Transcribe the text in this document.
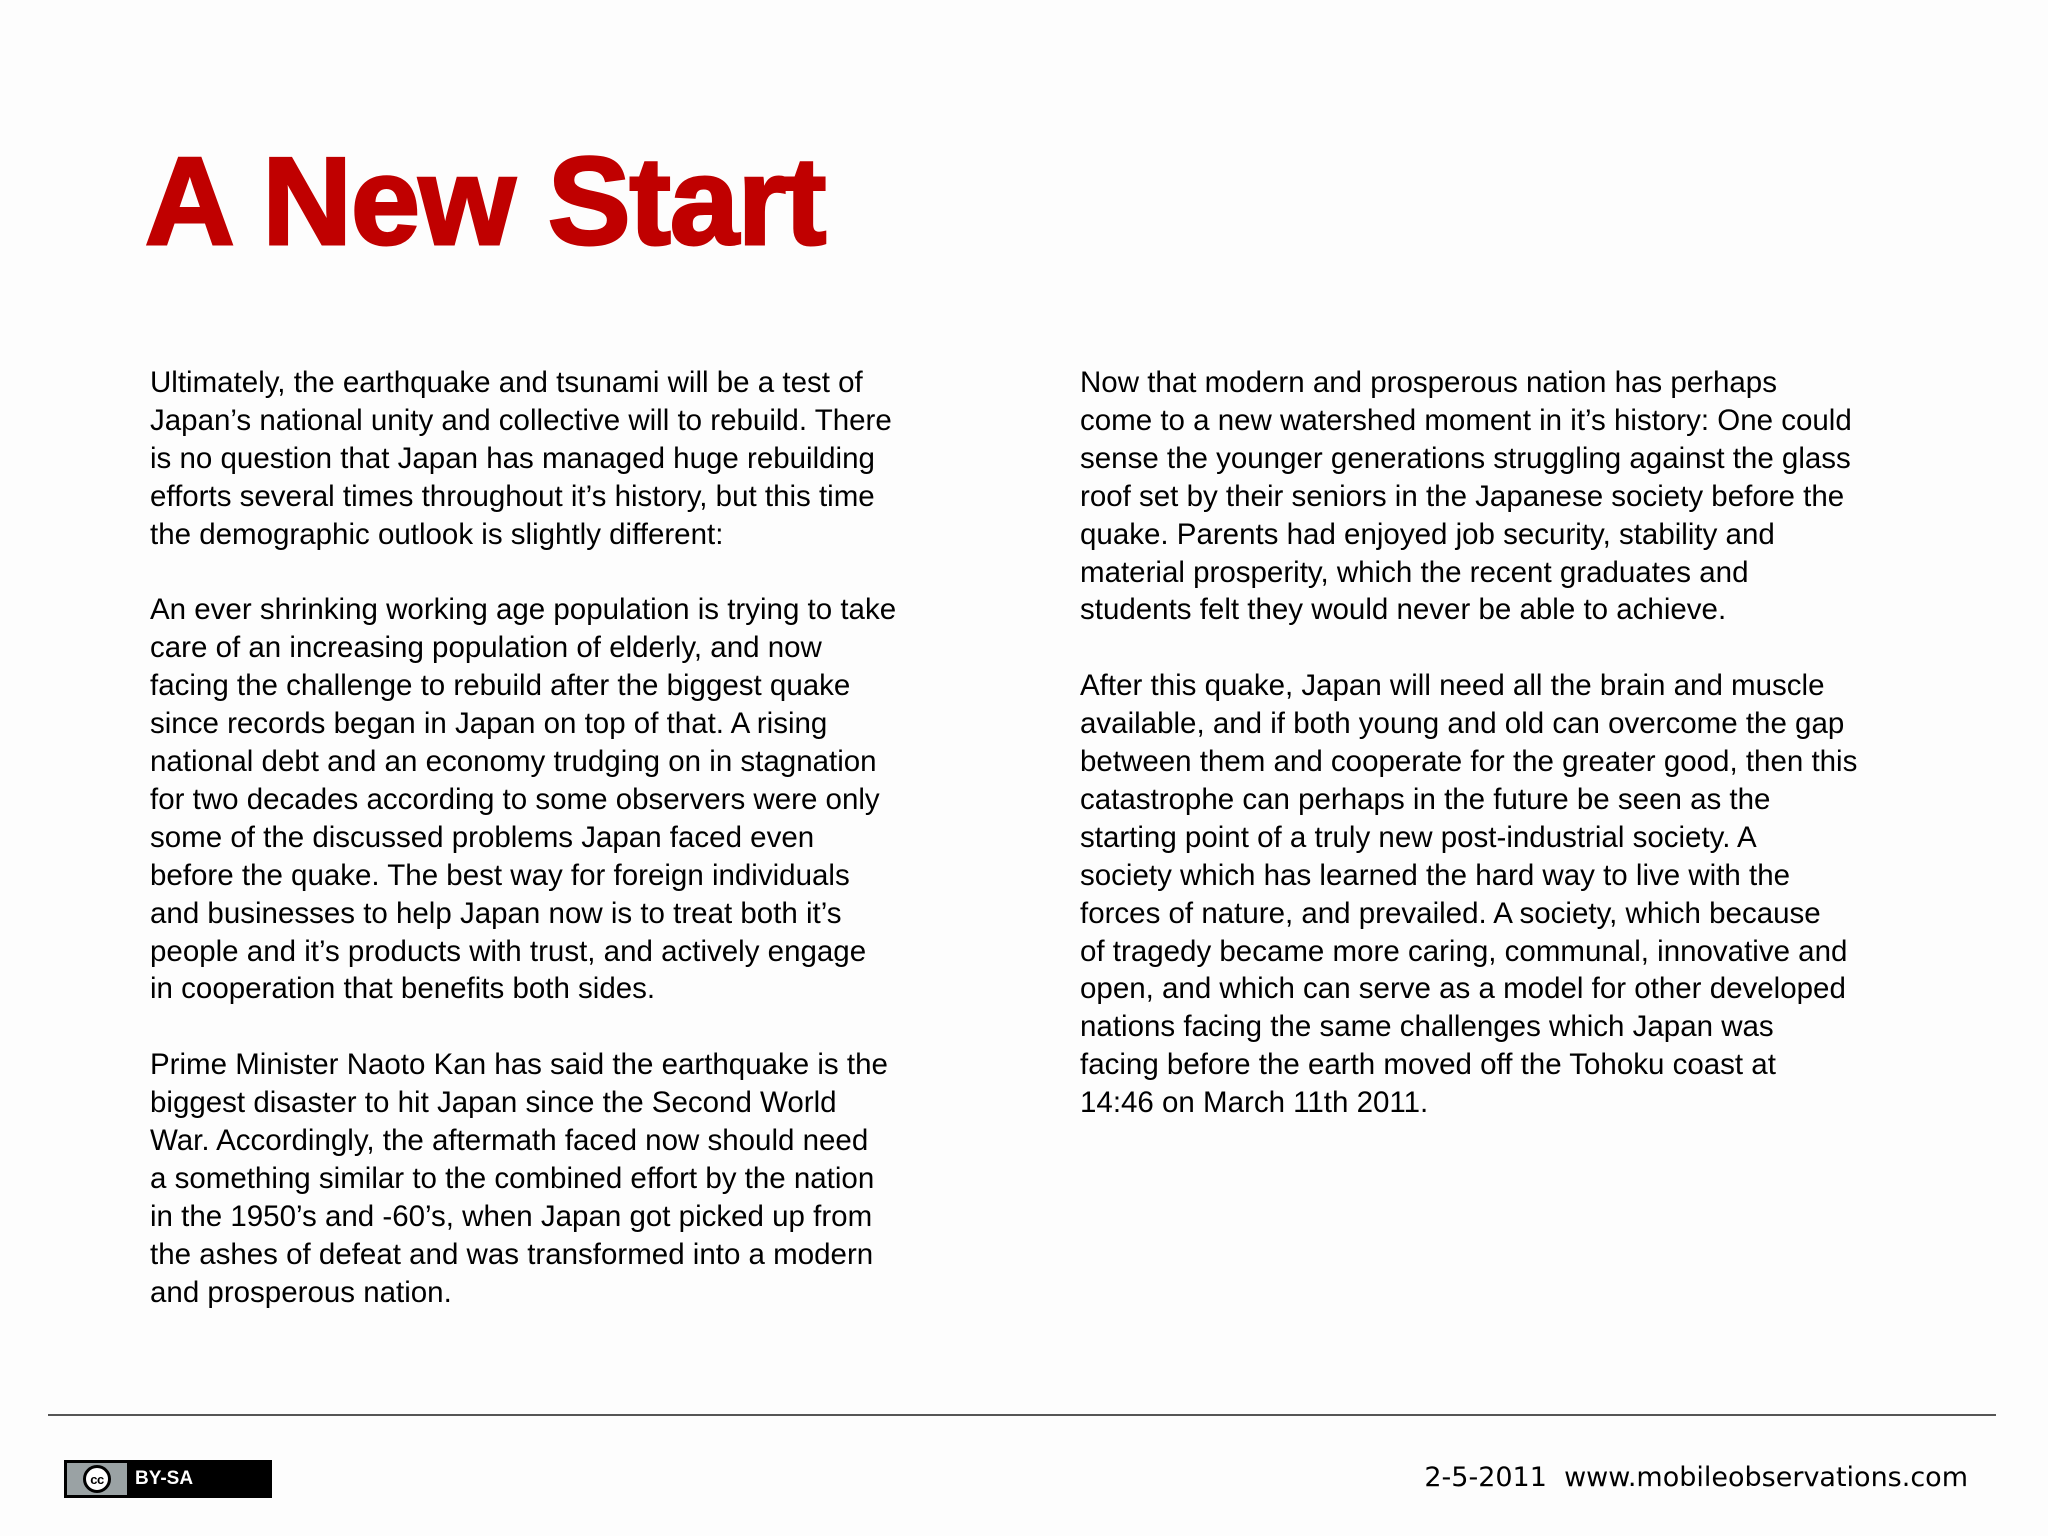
A New Start

Ultimately, the earthquake and tsunami will be a test of
Japan’s national unity and collective will to rebuild. There
is no question that Japan has managed huge rebuilding
efforts several times throughout it’s history, but this time
the demographic outlook is slightly different:

An ever shrinking working age population is trying to take
care of an increasing population of elderly, and now
facing the challenge to rebuild after the biggest quake
since records began in Japan on top of that. A rising
national debt and an economy trudging on in stagnation
for two decades according to some observers were only
some of the discussed problems Japan faced even
before the quake. The best way for foreign individuals
and businesses to help Japan now is to treat both it’s
people and it’s products with trust, and actively engage
in cooperation that benefits both sides.

Prime Minister Naoto Kan has said the earthquake is the
biggest disaster to hit Japan since the Second World
War. Accordingly, the aftermath faced now should need
a something similar to the combined effort by the nation
in the 1950’s and -60’s, when Japan got picked up from
the ashes of defeat and was transformed into a modern
and prosperous nation.

Now that modern and prosperous nation has perhaps
come to a new watershed moment in it’s history: One could
sense the younger generations struggling against the glass
roof set by their seniors in the Japanese society before the
quake. Parents had enjoyed job security, stability and
material prosperity, which the recent graduates and
students felt they would never be able to achieve.

After this quake, Japan will need all the brain and muscle
available, and if both young and old can overcome the gap
between them and cooperate for the greater good, then this
catastrophe can perhaps in the future be seen as the
starting point of a truly new post-industrial society. A
society which has learned the hard way to live with the
forces of nature, and prevailed. A society, which because
of tragedy became more caring, communal, innovative and
open, and which can serve as a model for other developed
nations facing the same challenges which Japan was
facing before the earth moved off the Tohoku coast at
14:46 on March 11th 2011.

cc	BY-SA	2-5-2011  www.mobileobservations.com
